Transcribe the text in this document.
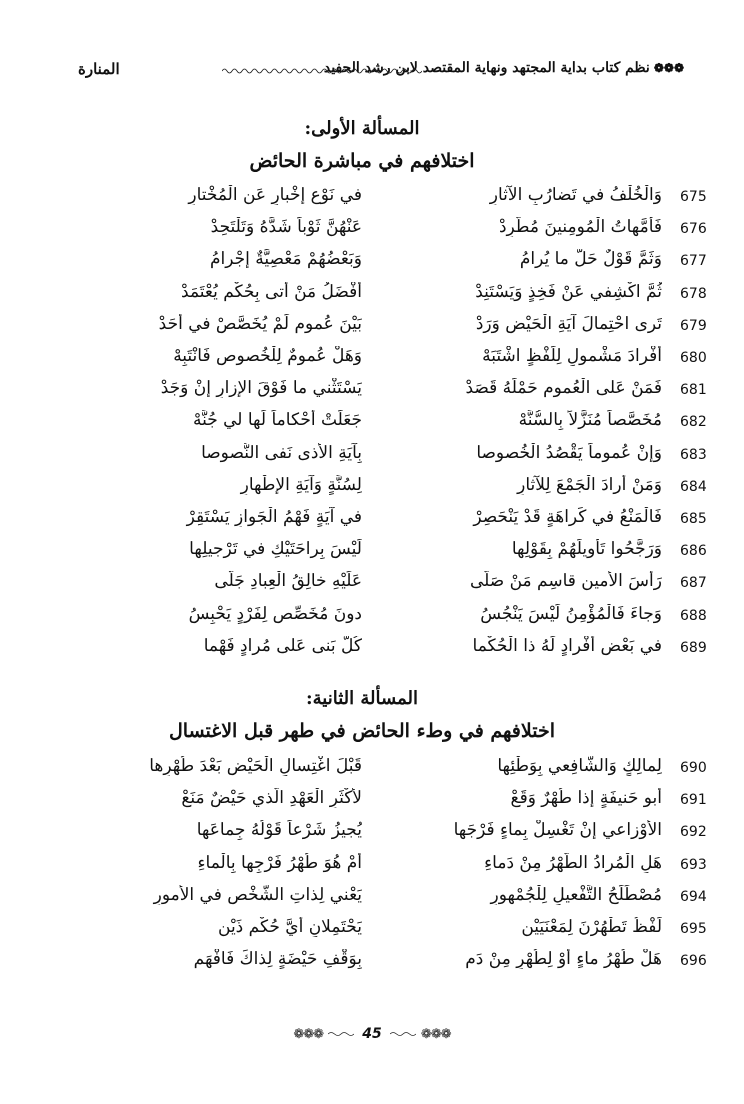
❁❁❁نظم كتاب بداية المجتهد ونهاية المقتصد لابن رشد الحفيد
المنارة
المسألة الأولى:
اختلافهم في مباشرة الحائض
675
وَالْخُلْفُ في تَضارُبِ الآثارِ
في نَوْعِ إخْبارٍ عَنِ الْمُخْتارِ
676
فَأُمَّهاتُ الْمُومِنينَ مُطَّرِدْ
عَنْهُنَّ ثَوْباً شَدَّهُ وَتَلْتَحِدْ
677
وَثَمَّ قَوْلٌ حَلَّ ما يُرامُ
وَبَعْضُهُمْ مَعْصِيَّةٌ إجْرامُ
678
ثُمَّ اكْشِفي عَنْ فَخِذٍ وَيَسْتَنِدْ
أَفْضَلُ مَنْ أَتى بِحُكْمٍ يُعْتَمَدْ
679
تَرى احْتِمالَ آيَةِ الْحَيْضِ وَرَدْ
بَيْنَ عُمومٍ لَمْ يُخَصَّصْ في أَحَدْ
680
أَفْرادَ مَشْمولٍ لِلَفْظٍ اشْتَبَهْ
وَهَلْ عُمومٌ لِلْخُصوصِ فَانْتَبِهْ
681
فَمَنْ عَلى الْعُمومِ حَمْلَهُ قَصَدْ
يَسْتَثْني ما فَوْقَ الإزارِ إنْ وَجَدْ
682
مُخَصَّصاً مُنَزَّلاً بِالسُّنَّهْ
جَعَلَتْ أَحْكاماً لَها لي جُنَّهْ
683
وَإنْ عُموماً يَقْصُدُ الْخُصوصا
بِآيَةِ الأَذى نَفى النُّصوصا
684
وَمَنْ أَرادَ الْجَمْعَ لِلآثارِ
لِسُنَّةٍ وَآيَةِ الإطْهارِ
685
فَالْمَنْعُ في كَراهَةٍ قَدْ يَنْحَصِرْ
في آيَةٍ فَهْمُ الْجَوازِ يَسْتَقِرْ
686
وَرَجَّحُوا تَأْويلَهُمْ بِقَوْلِها
لَيْسَ بِراحَتَيْكِ في تَرْجيلِها
687
رَأْسَ الأَمينِ قاسِمٍ مَنْ صَلّى
عَلَيْهِ خالِقُ الْعِبادِ جَلّى
688
وَجاءَ فَالْمُؤْمِنُ لَيْسَ يَنْجُسُ
دونَ مُخَصِّصٍ لِفَرْدٍ يَحْبِسُ
689
في بَعْضِ أَفْرادٍ لَهُ ذا الْحُكْما
كُلٌّ بَنى عَلى مُرادٍ فَهْما
المسألة الثانية:
اختلافهم في وطء الحائض في طهر قبل الاغتسال
690
لِمالِكٍ وَالشّافِعي بِوَطْئِها
قَبْلَ اغْتِسالِ الْحَيْضِ بَعْدَ طُهْرِها
691
أَبو حَنيفَةٍ إذا طُهْرٌ وَقَعْ
لأَكْثَرِ الْعَهْدِ الَّذي حَيْضٌ مَنَعْ
692
الأَوْزاعي إنْ تَغْسِلْ بِماءٍ فَرْجَها
يُجيزُ شَرْعاً قَوْلُهُ جِماعَها
693
هَلِ الْمُرادُ الطُّهْرُ مِنْ دَماءِ
أَمْ هُوَ طُهْرُ فَرْجِها بِالْماءِ
694
مُصْطَلَحُ التَّفْعيلِ لِلْجُمْهورِ
يَعْني لِذاتِ الشَّخْصِ في الأُمورِ
695
لَفْظُ تَطْهُرْنَ لِمَعْنَيَيْنِ
يَحْتَمِلانِ أَيَّ حُكْمِ ذَيْنِ
696
هَلْ طُهْرُ ماءٍ أَوْ لِطُهْرٍ مِنْ دَمِ
بِوَقْفِ حَيْضَةٍ لِذاكَ فَافْهَمِ
❁❁❁	45	❁❁❁
